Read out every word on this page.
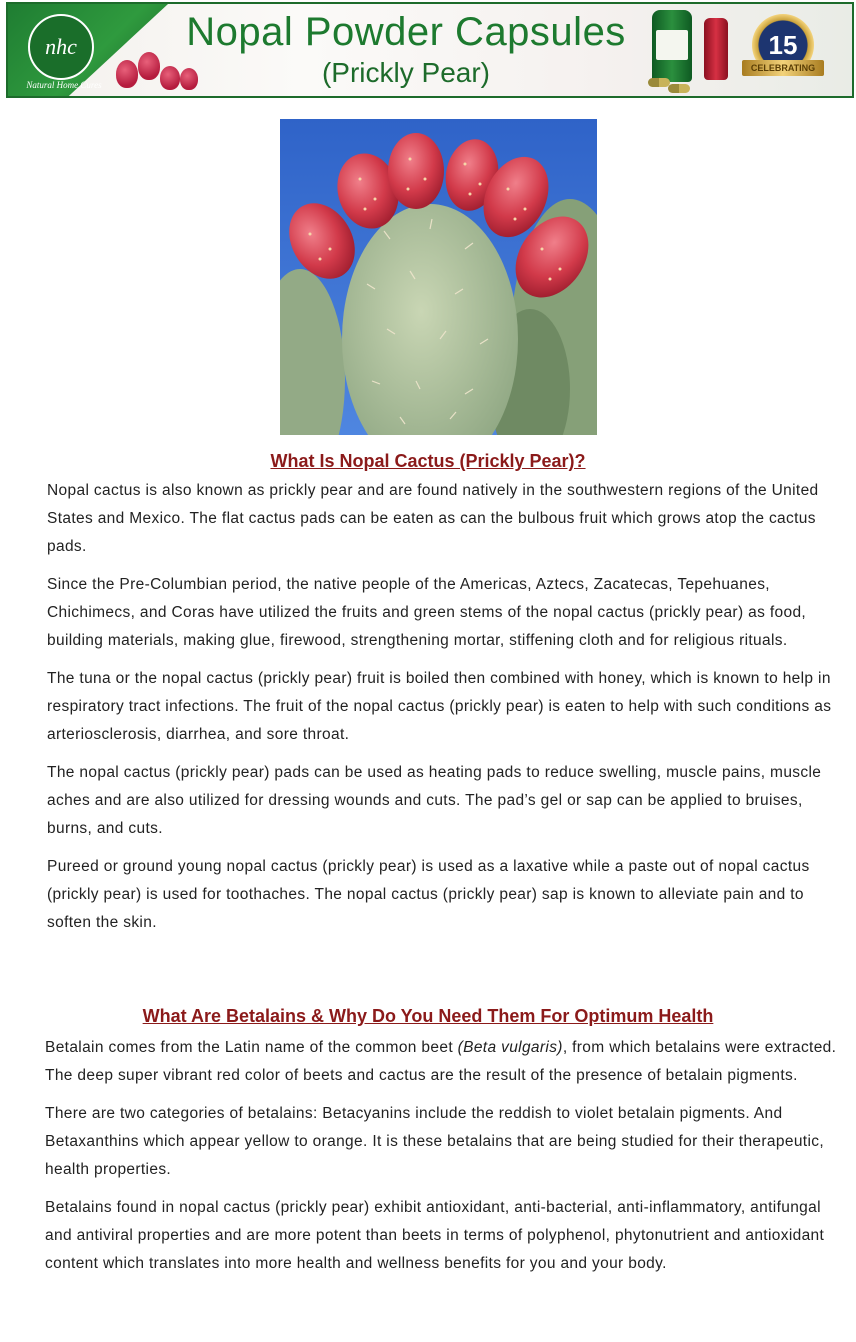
nhc
Natural Home Cures
Nopal Powder Capsules
(Prickly Pear)
15
CELEBRATING
What Is Nopal Cactus (Prickly Pear)?

Nopal cactus is also known as prickly pear and are found natively in the southwestern regions of the United States and Mexico. The flat cactus pads can be eaten as can the bulbous fruit which grows atop the cactus pads.

Since the Pre-Columbian period, the native people of the Americas, Aztecs, Zacatecas, Tepehuanes, Chichimecs, and Coras have utilized the fruits and green stems of the nopal cactus (prickly pear) as food, building materials, making glue, firewood, strengthening mortar, stiffening cloth and for religious rituals.

The tuna or the nopal cactus (prickly pear) fruit is boiled then combined with honey, which is known to help in respiratory tract infections. The fruit of the nopal cactus (prickly pear) is eaten to help with such conditions as arteriosclerosis, diarrhea, and sore throat.

The nopal cactus (prickly pear) pads can be used as heating pads to reduce swelling, muscle pains, muscle aches and are also utilized for dressing wounds and cuts. The pad’s gel or sap can be applied to bruises, burns, and cuts.

Pureed or ground young nopal cactus (prickly pear) is used as a laxative while a paste out of nopal cactus (prickly pear) is used for toothaches. The nopal cactus (prickly pear) sap is known to alleviate pain and to soften the skin.

What Are Betalains & Why Do You Need Them For Optimum Health

Betalain comes from the Latin name of the common beet (Beta vulgaris), from which betalains were extracted. The deep super vibrant red color of beets and cactus are the result of the presence of betalain pigments.

There are two categories of betalains: Betacyanins include the reddish to violet betalain pigments. And Betaxanthins which appear yellow to orange. It is these betalains that are being studied for their therapeutic, health properties.

Betalains found in nopal cactus (prickly pear) exhibit antioxidant, anti-bacterial, anti-inflammatory, antifungal and antiviral properties and are more potent than beets in terms of polyphenol, phytonutrient and antioxidant content which translates into more health and wellness benefits for you and your body.
